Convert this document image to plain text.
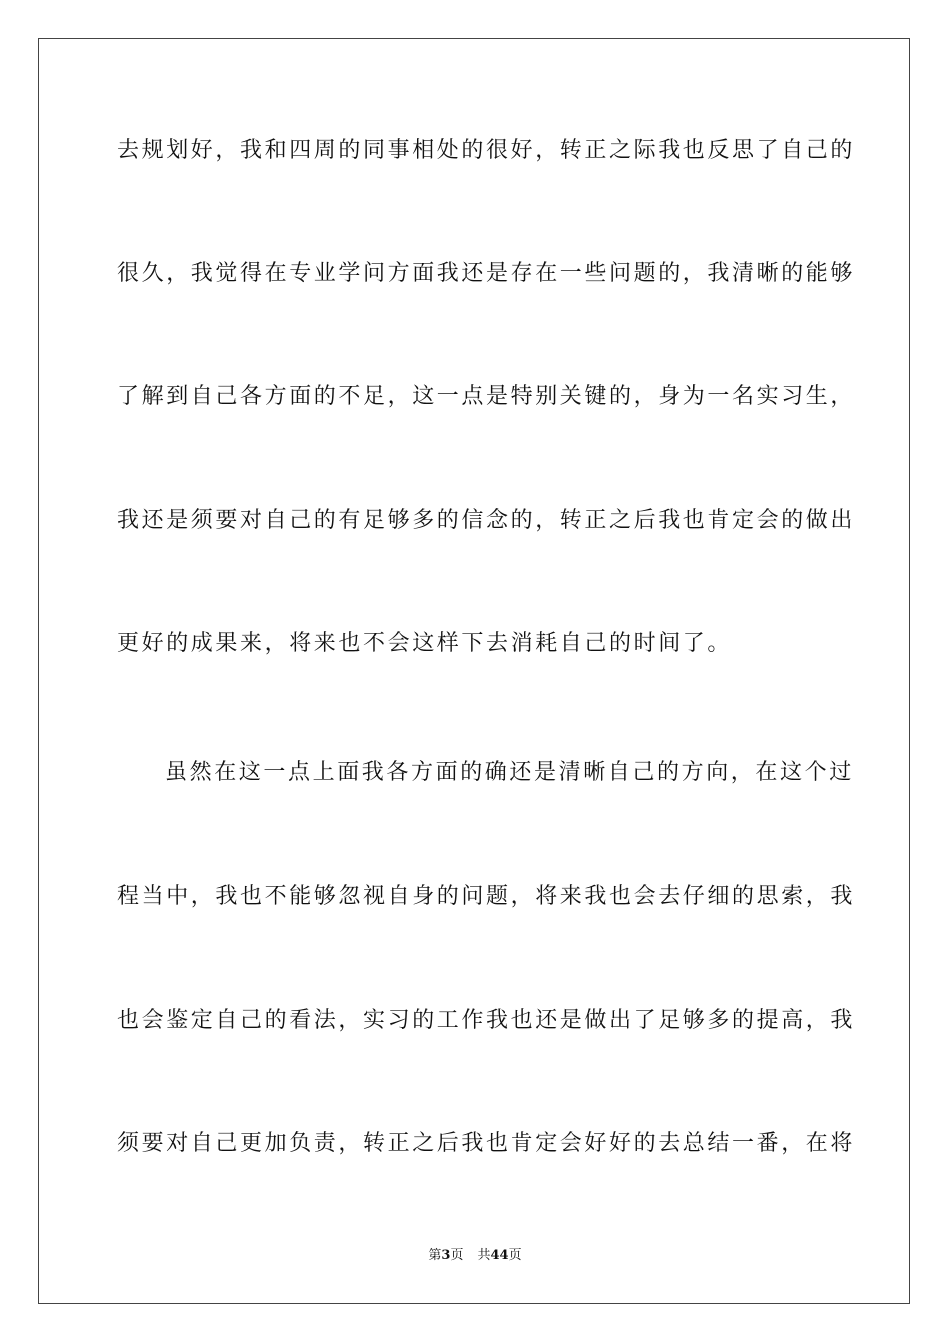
去规划好，我和四周的同事相处的很好，转正之际我也反思了自己的
很久，我觉得在专业学问方面我还是存在一些问题的，我清晰的能够
了解到自己各方面的不足，这一点是特别关键的，身为一名实习生，
我还是须要对自己的有足够多的信念的，转正之后我也肯定会的做出
更好的成果来，将来也不会这样下去消耗自己的时间了。
虽然在这一点上面我各方面的确还是清晰自己的方向，在这个过
程当中，我也不能够忽视自身的问题，将来我也会去仔细的思索，我
也会鉴定自己的看法，实习的工作我也还是做出了足够多的提高，我
须要对自己更加负责，转正之后我也肯定会好好的去总结一番，在将
第3页 共44页
